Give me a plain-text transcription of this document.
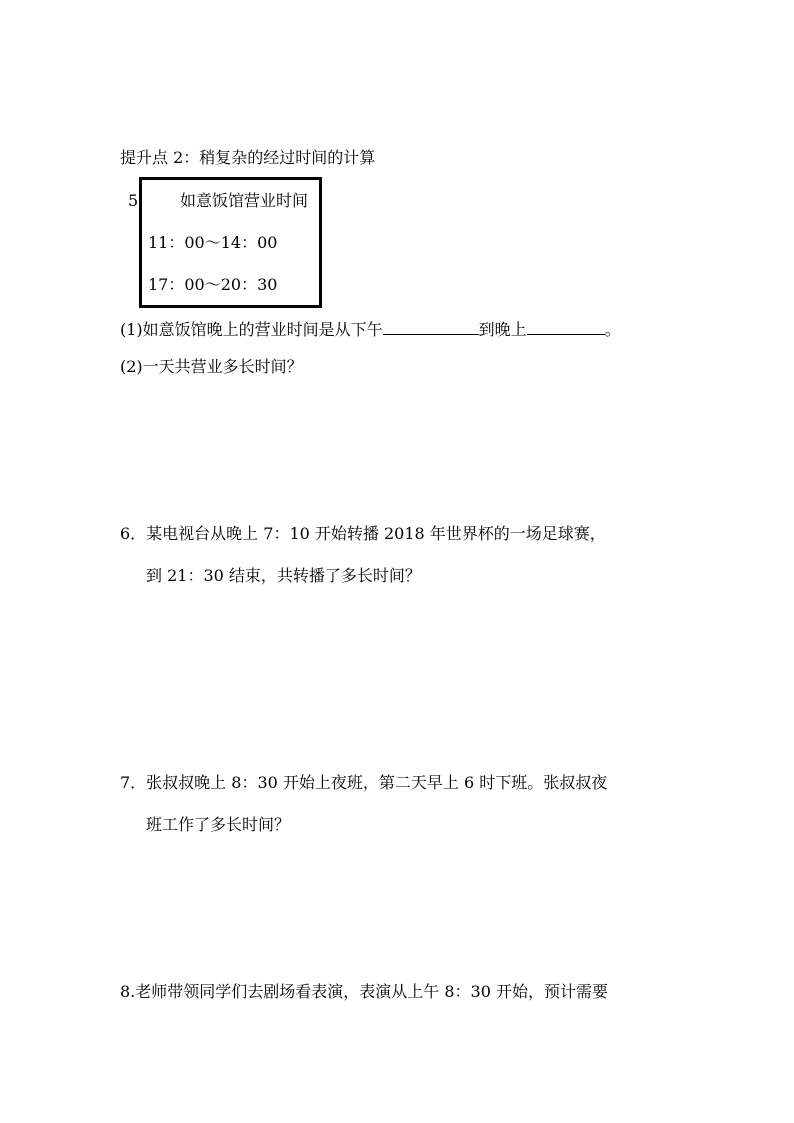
提升点 2：稍复杂的经过时间的计算
5	如意饭馆营业时间
11：00～14：00
17：00～20：30
(1)如意饭馆晚上的营业时间是从下午	到晚上	。
(2)一天共营业多长时间？
6．某电视台从晚上 7：10 开始转播 2018 年世界杯的一场足球赛，
到 21：30 结束，共转播了多长时间？
7．张叔叔晚上 8：30 开始上夜班，第二天早上 6 时下班。张叔叔夜
班工作了多长时间？
8.老师带领同学们去剧场看表演，表演从上午 8：30 开始，预计需要
